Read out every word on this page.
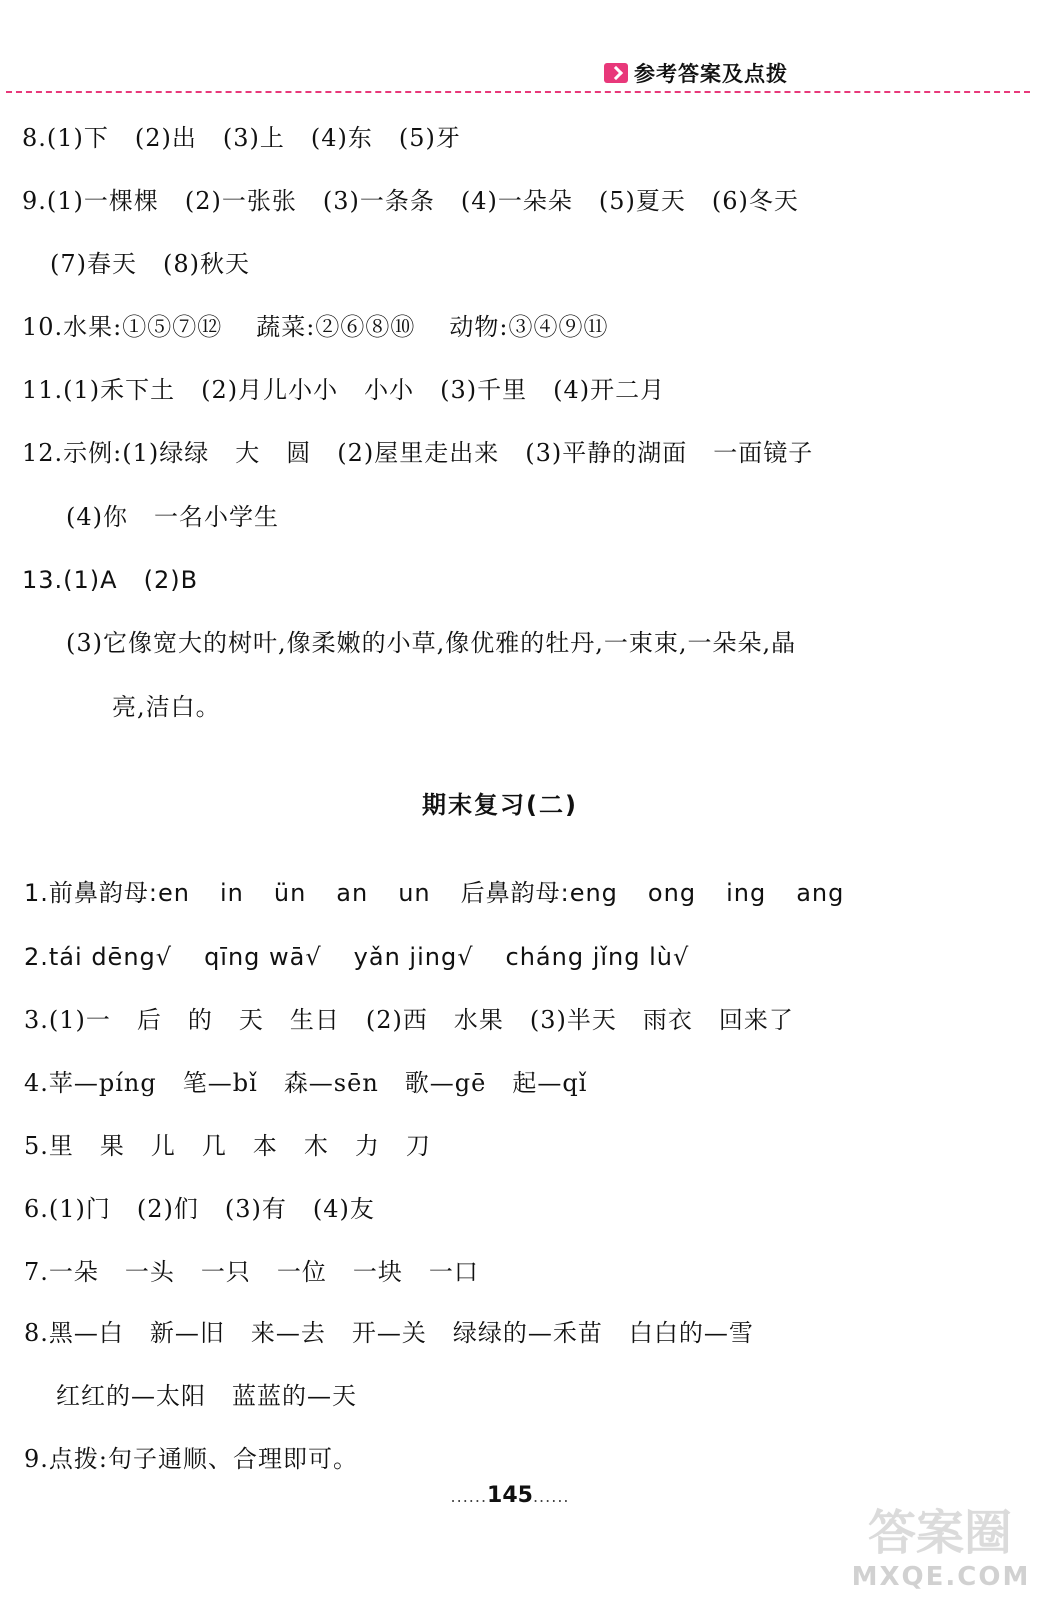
参考答案及点拨
8.(1)下 (2)出 (3)上 (4)东 (5)牙
9.(1)一棵棵 (2)一张张 (3)一条条 (4)一朵朵 (5)夏天 (6)冬天
(7)春天 (8)秋天
10.水果:①⑤⑦⑫ 蔬菜:②⑥⑧⑩ 动物:③④⑨⑪
11.(1)禾下土 (2)月儿小小 小小 (3)千里 (4)开二月
12.示例:(1)绿绿 大 圆 (2)屋里走出来 (3)平静的湖面 一面镜子
(4)你 一名小学生
13.(1)A (2)B
(3)它像宽大的树叶,像柔嫩的小草,像优雅的牡丹,一束束,一朵朵,晶
亮,洁白。
期末复习(二)
1.前鼻韵母:en in ün an un 后鼻韵母:eng ong ing ang
2.tái dēng√ qīng wā√ yǎn jing√ cháng jǐng lù√
3.(1)一 后 的 天 生日 (2)西 水果 (3)半天 雨衣 回来了
4.苹—píng 笔—bǐ 森—sēn 歌—gē 起—qǐ
5.里 果 儿 几 本 木 力 刀
6.(1)门 (2)们 (3)有 (4)友
7.一朵 一头 一只 一位 一块 一口
8.黑—白 新—旧 来—去 开—关 绿绿的—禾苗 白白的—雪
红红的—太阳 蓝蓝的—天
9.点拨:句子通顺、合理即可。
......145......
答案圈
MXQE.COM
